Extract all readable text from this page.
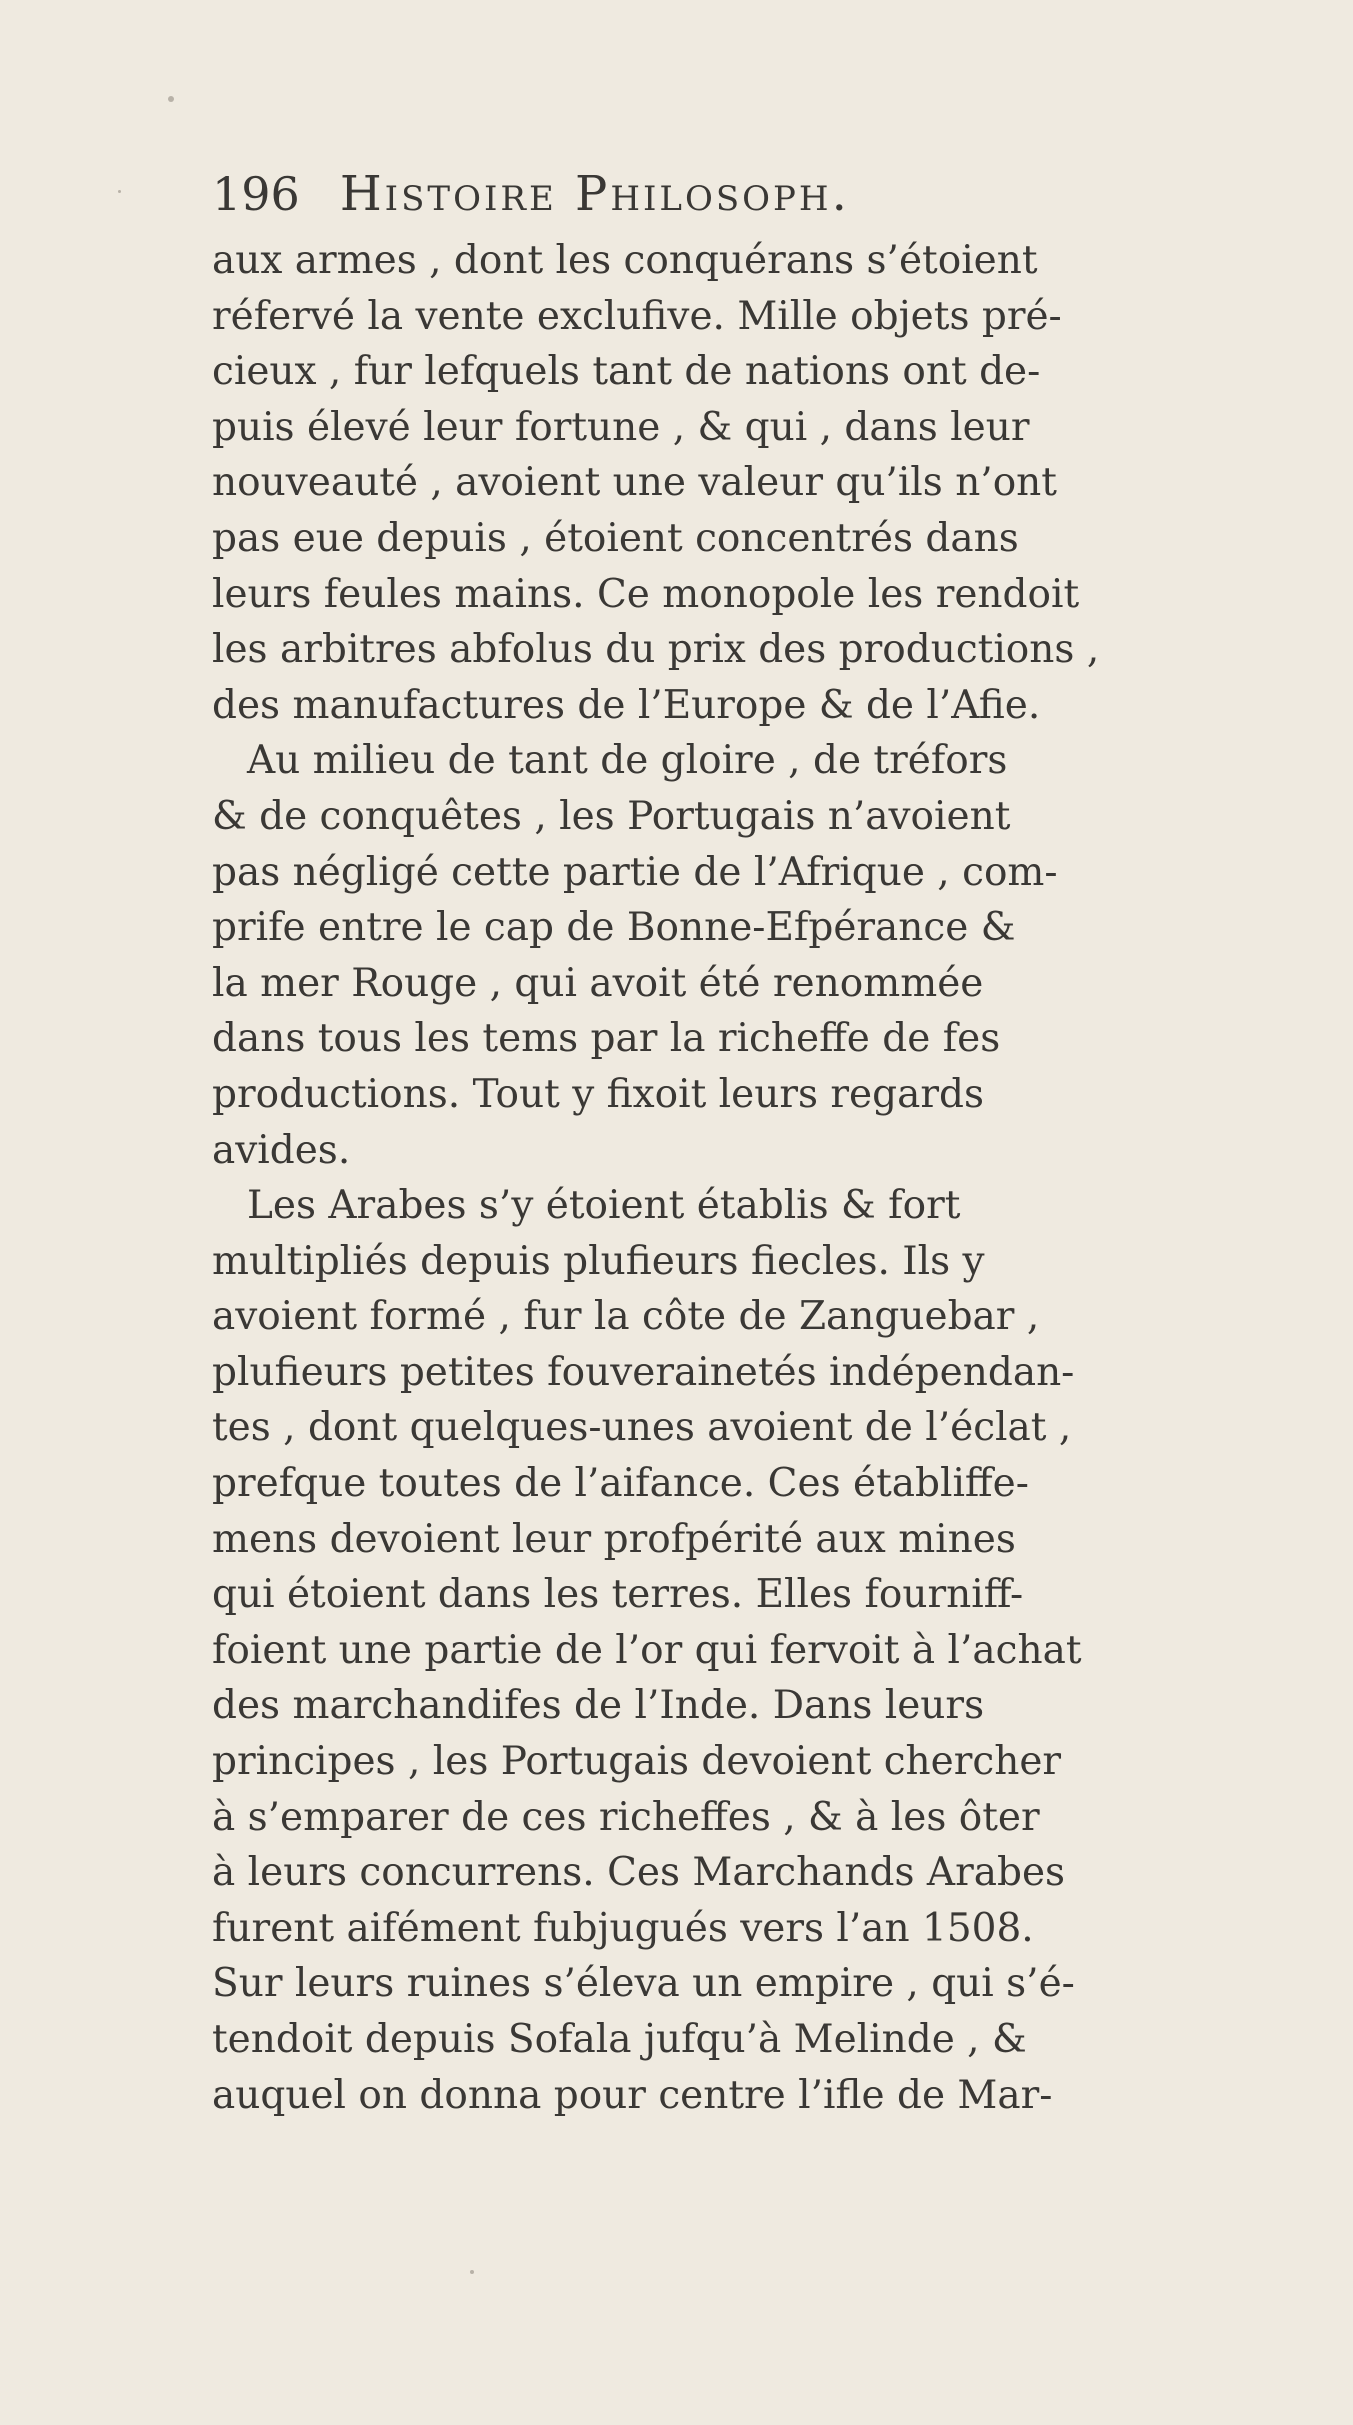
196 Histoire Philosoph.
aux armes , dont les conquérans s’étoient
réfervé la vente exclufive. Mille objets pré-
cieux , fur lefquels tant de nations ont de-
puis élevé leur fortune , & qui , dans leur
nouveauté , avoient une valeur qu’ils n’ont
pas eue depuis , étoient concentrés dans
leurs feules mains. Ce monopole les rendoit
les arbitres abfolus du prix des productions ,
des manufactures de l’Europe & de l’Afie.
Au milieu de tant de gloire , de tréfors
& de conquêtes , les Portugais n’avoient
pas négligé cette partie de l’Afrique , com-
prife entre le cap de Bonne-Efpérance &
la mer Rouge , qui avoit été renommée
dans tous les tems par la richeffe de fes
productions. Tout y fixoit leurs regards
avides.
Les Arabes s’y étoient établis & fort
multipliés depuis plufieurs fiecles. Ils y
avoient formé , fur la côte de Zanguebar ,
plufieurs petites fouverainetés indépendan-
tes , dont quelques-unes avoient de l’éclat ,
prefque toutes de l’aifance. Ces établiffe-
mens devoient leur profpérité aux mines
qui étoient dans les terres. Elles fourniff-
foient une partie de l’or qui fervoit à l’achat
des marchandifes de l’Inde. Dans leurs
principes , les Portugais devoient chercher
à s’emparer de ces richeffes , & à les ôter
à leurs concurrens. Ces Marchands Arabes
furent aifément fubjugués vers l’an 1508.
Sur leurs ruines s’éleva un empire , qui s’é-
tendoit depuis Sofala jufqu’à Melinde , &
auquel on donna pour centre l’ifle de Mar-
